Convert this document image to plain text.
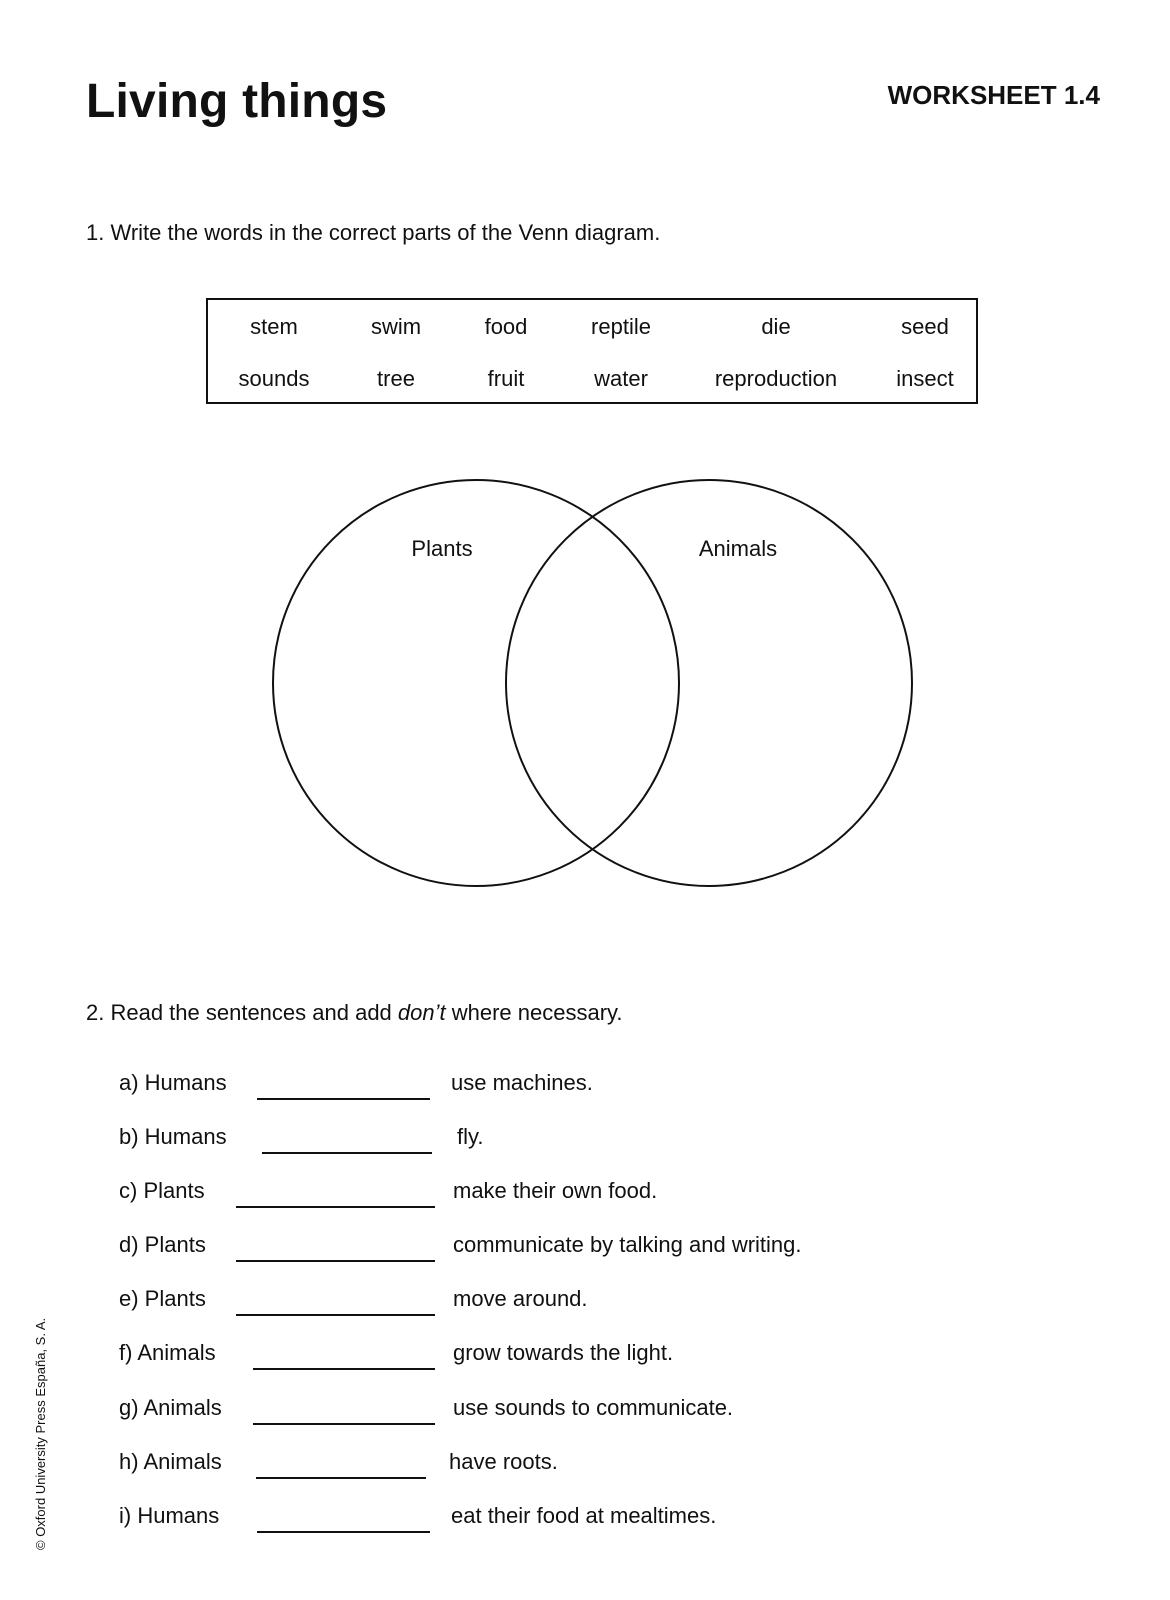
Living things	WORKSHEET 1.4
1. Write the words in the correct parts of the Venn diagram.
stem	swim	food	reptile	die	seed
sounds	tree	fruit	water	reproduction	insect
Plants	Animals
2. Read the sentences and add don’t where necessary.
a) Humans	use machines.
b) Humans	fly.
c) Plants	make their own food.
d) Plants	communicate by talking and writing.
e) Plants	move around.
f) Animals	grow towards the light.
g) Animals	use sounds to communicate.
h) Animals	have roots.
i) Humans	eat their food at mealtimes.
© Oxford University Press España, S. A.
